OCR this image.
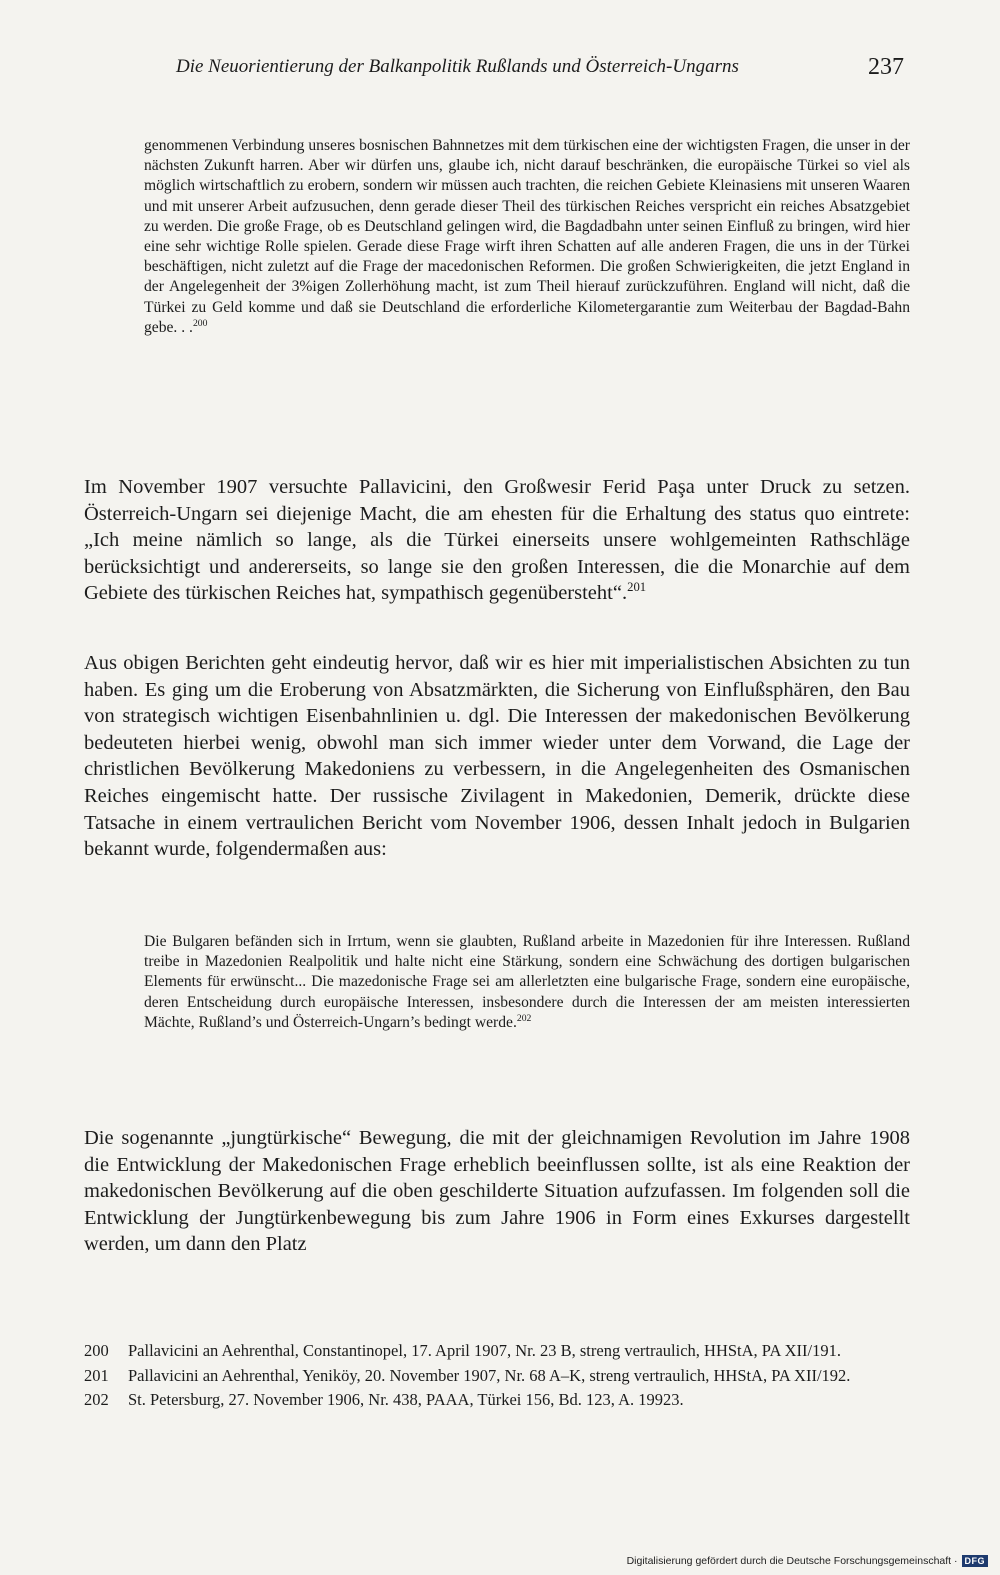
Die Neuorientierung der Balkanpolitik Rußlands und Österreich-Ungarns	237
genommenen Verbindung unseres bosnischen Bahnnetzes mit dem türkischen eine der wichtigsten Fragen, die unser in der nächsten Zukunft harren. Aber wir dürfen uns, glaube ich, nicht darauf beschränken, die europäische Türkei so viel als möglich wirtschaftlich zu erobern, sondern wir müssen auch trachten, die reichen Gebiete Kleinasiens mit unseren Waaren und mit unserer Arbeit aufzusuchen, denn gerade dieser Theil des türkischen Reiches verspricht ein reiches Absatzgebiet zu werden. Die große Frage, ob es Deutschland gelingen wird, die Bagdadbahn unter seinen Einfluß zu bringen, wird hier eine sehr wichtige Rolle spielen. Gerade diese Frage wirft ihren Schatten auf alle anderen Fragen, die uns in der Türkei beschäftigen, nicht zuletzt auf die Frage der macedonischen Reformen. Die großen Schwierigkeiten, die jetzt England in der Angelegenheit der 3%igen Zollerhöhung macht, ist zum Theil hierauf zurückzuführen. England will nicht, daß die Türkei zu Geld komme und daß sie Deutschland die erforderliche Kilometergarantie zum Weiterbau der Bagdad-Bahn gebe. . .$^{200}$
Im November 1907 versuchte Pallavicini, den Großwesir Ferid Paşa unter Druck zu setzen. Österreich-Ungarn sei diejenige Macht, die am ehesten für die Erhaltung des status quo eintrete: „Ich meine nämlich so lange, als die Türkei einerseits unsere wohlgemeinten Rathschläge berücksichtigt und andererseits, so lange sie den großen Interessen, die die Monarchie auf dem Gebiete des türkischen Reiches hat, sympathisch gegenübersteht“.$^{201}$
Aus obigen Berichten geht eindeutig hervor, daß wir es hier mit imperialistischen Absichten zu tun haben. Es ging um die Eroberung von Absatzmärkten, die Sicherung von Einflußsphären, den Bau von strategisch wichtigen Eisenbahnlinien u. dgl. Die Interessen der makedonischen Bevölkerung bedeuteten hierbei wenig, obwohl man sich immer wieder unter dem Vorwand, die Lage der christlichen Bevölkerung Makedoniens zu verbessern, in die Angelegenheiten des Osmanischen Reiches eingemischt hatte. Der russische Zivilagent in Makedonien, Demerik, drückte diese Tatsache in einem vertraulichen Bericht vom November 1906, dessen Inhalt jedoch in Bulgarien bekannt wurde, folgendermaßen aus:
Die Bulgaren befänden sich in Irrtum, wenn sie glaubten, Rußland arbeite in Mazedonien für ihre Interessen. Rußland treibe in Mazedonien Realpolitik und halte nicht eine Stärkung, sondern eine Schwächung des dortigen bulgarischen Elements für erwünscht... Die mazedonische Frage sei am allerletzten eine bulgarische Frage, sondern eine europäische, deren Entscheidung durch europäische Interessen, insbesondere durch die Interessen der am meisten interessierten Mächte, Rußland’s und Österreich-Ungarn’s bedingt werde.$^{202}$
Die sogenannte „jungtürkische“ Bewegung, die mit der gleichnamigen Revolution im Jahre 1908 die Entwicklung der Makedonischen Frage erheblich beeinflussen sollte, ist als eine Reaktion der makedonischen Bevölkerung auf die oben geschilderte Situation aufzufassen. Im folgenden soll die Entwicklung der Jungtürkenbewegung bis zum Jahre 1906 in Form eines Exkurses dargestellt werden, um dann den Platz
200	Pallavicini an Aehrenthal, Constantinopel, 17. April 1907, Nr. 23 B, streng vertraulich, HHStA, PA XII/191.
201	Pallavicini an Aehrenthal, Yeniköy, 20. November 1907, Nr. 68 A–K, streng vertraulich, HHStA, PA XII/192.
202	St. Petersburg, 27. November 1906, Nr. 438, PAAA, Türkei 156, Bd. 123, A. 19923.
Digitalisierung gefördert durch die Deutsche Forschungsgemeinschaft · DFG
